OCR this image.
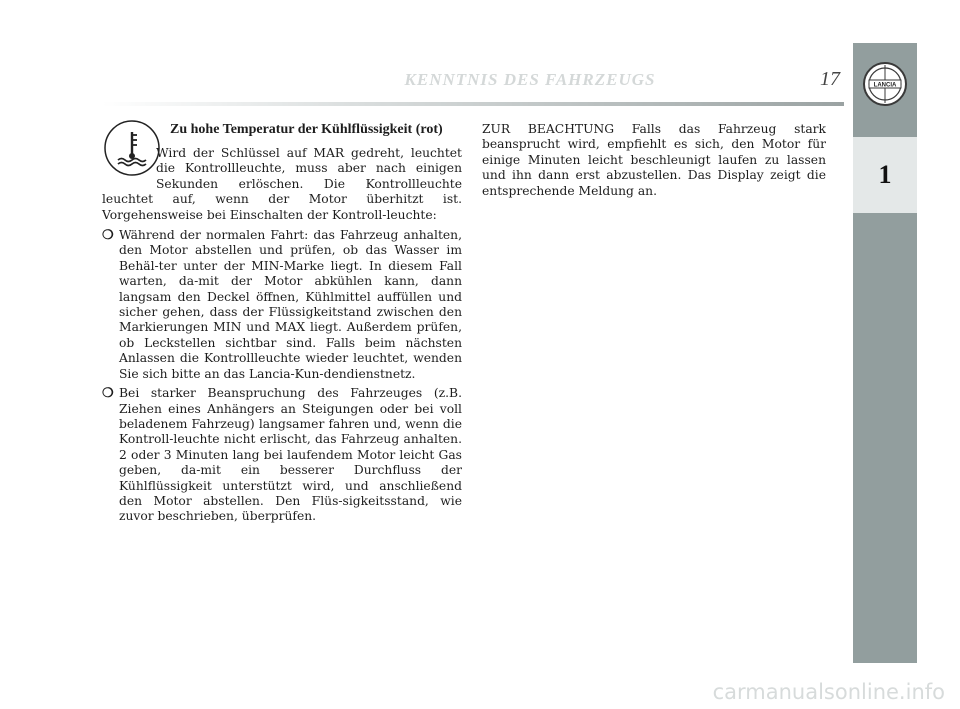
LANCIA
1
KENNTNIS DES FAHRZEUGS	17
Zu hohe Temperatur der Kühlflüssigkeit (rot)

Wird der Schlüssel auf MAR gedreht, leuchtet die Kontrollleuchte, muss aber nach einigen Sekunden erlöschen. Die Kontrollleuchte leuchtet auf, wenn der Motor überhitzt ist. Vorgehensweise bei Einschalten der Kontroll-leuchte:

❍ Während der normalen Fahrt: das Fahrzeug anhalten, den Motor abstellen und prüfen, ob das Wasser im Behäl-ter unter der MIN-Marke liegt. In diesem Fall warten, da-mit der Motor abkühlen kann, dann langsam den Deckel öffnen, Kühlmittel auffüllen und sicher gehen, dass der Flüssigkeitstand zwischen den Markierungen MIN und MAX liegt. Außerdem prüfen, ob Leckstellen sichtbar sind. Falls beim nächsten Anlassen die Kontrollleuchte wieder leuchtet, wenden Sie sich bitte an das Lancia-Kun-dendienstnetz.
❍ Bei starker Beanspruchung des Fahrzeuges (z.B. Ziehen eines Anhängers an Steigungen oder bei voll beladenem Fahrzeug) langsamer fahren und, wenn die Kontroll-leuchte nicht erlischt, das Fahrzeug anhalten. 2 oder 3 Minuten lang bei laufendem Motor leicht Gas geben, da-mit ein besserer Durchfluss der Kühlflüssigkeit unterstützt wird, und anschließend den Motor abstellen. Den Flüs-sigkeitsstand, wie zuvor beschrieben, überprüfen.
ZUR BEACHTUNG Falls das Fahrzeug stark beansprucht wird, empfiehlt es sich, den Motor für einige Minuten leicht beschleunigt laufen zu lassen und ihn dann erst abzustellen. Das Display zeigt die entsprechende Meldung an.
carmanualsonline.info
